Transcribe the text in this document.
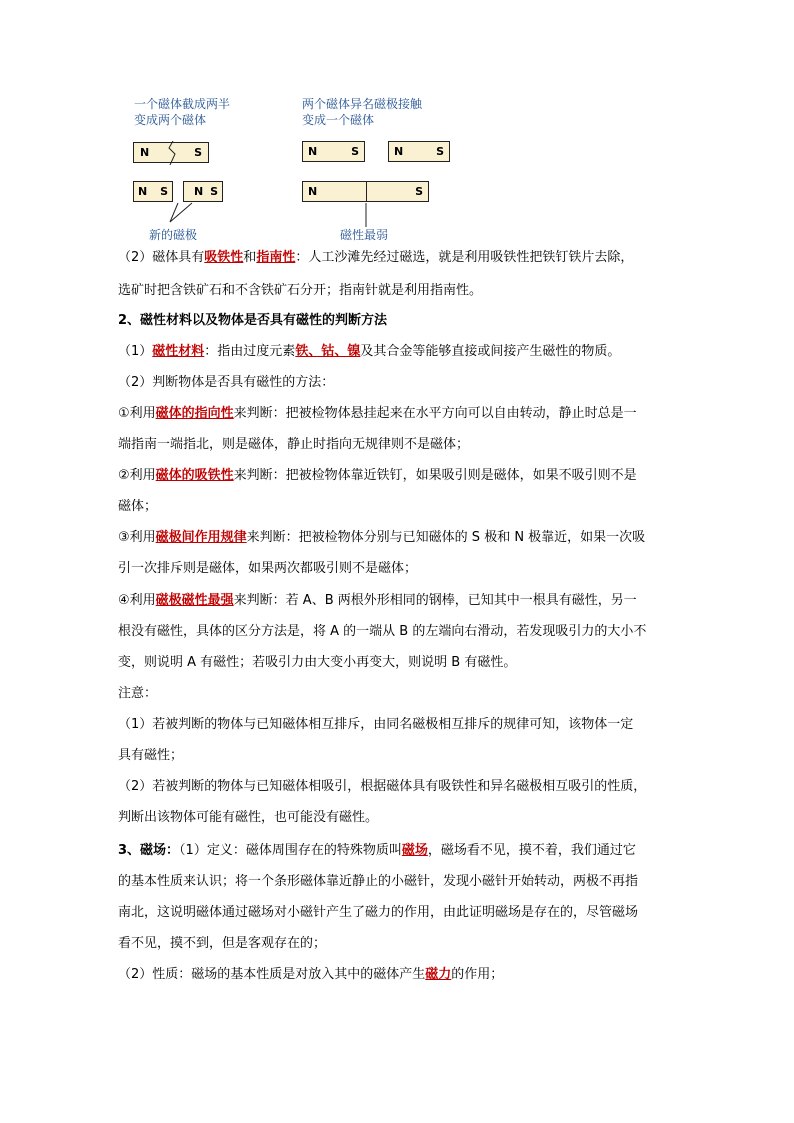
一个磁体截成两半
变成两个磁体
两个磁体异名磁极接触
变成一个磁体
N	S
N S N S
N	S	N	S
N	S
新的磁极	磁性最弱
（2）磁体具有吸铁性和指南性：人工沙滩先经过磁选，就是利用吸铁性把铁钉铁片去除，
选矿时把含铁矿石和不含铁矿石分开；指南针就是利用指南性。
2、磁性材料以及物体是否具有磁性的判断方法
（1）磁性材料：指由过度元素铁、钴、镍及其合金等能够直接或间接产生磁性的物质。
（2）判断物体是否具有磁性的方法：
①利用磁体的指向性来判断：把被检物体悬挂起来在水平方向可以自由转动，静止时总是一
端指南一端指北，则是磁体，静止时指向无规律则不是磁体；
②利用磁体的吸铁性来判断：把被检物体靠近铁钉，如果吸引则是磁体，如果不吸引则不是
磁体；
③利用磁极间作用规律来判断：把被检物体分别与已知磁体的 S 极和 N 极靠近，如果一次吸
引一次排斥则是磁体，如果两次都吸引则不是磁体；
④利用磁极磁性最强来判断：若 A、B 两根外形相同的钢棒，已知其中一根具有磁性，另一
根没有磁性，具体的区分方法是，将 A 的一端从 B 的左端向右滑动，若发现吸引力的大小不
变，则说明 A 有磁性；若吸引力由大变小再变大，则说明 B 有磁性。
注意：
（1）若被判断的物体与已知磁体相互排斥，由同名磁极相互排斥的规律可知，该物体一定
具有磁性；
（2）若被判断的物体与已知磁体相吸引，根据磁体具有吸铁性和异名磁极相互吸引的性质，
判断出该物体可能有磁性，也可能没有磁性。
3、磁场：（1）定义：磁体周围存在的特殊物质叫磁场，磁场看不见，摸不着，我们通过它
的基本性质来认识；将一个条形磁体靠近静止的小磁针，发现小磁针开始转动，两极不再指
南北，这说明磁体通过磁场对小磁针产生了磁力的作用，由此证明磁场是存在的，尽管磁场
看不见，摸不到，但是客观存在的；
（2）性质：磁场的基本性质是对放入其中的磁体产生磁力的作用；
